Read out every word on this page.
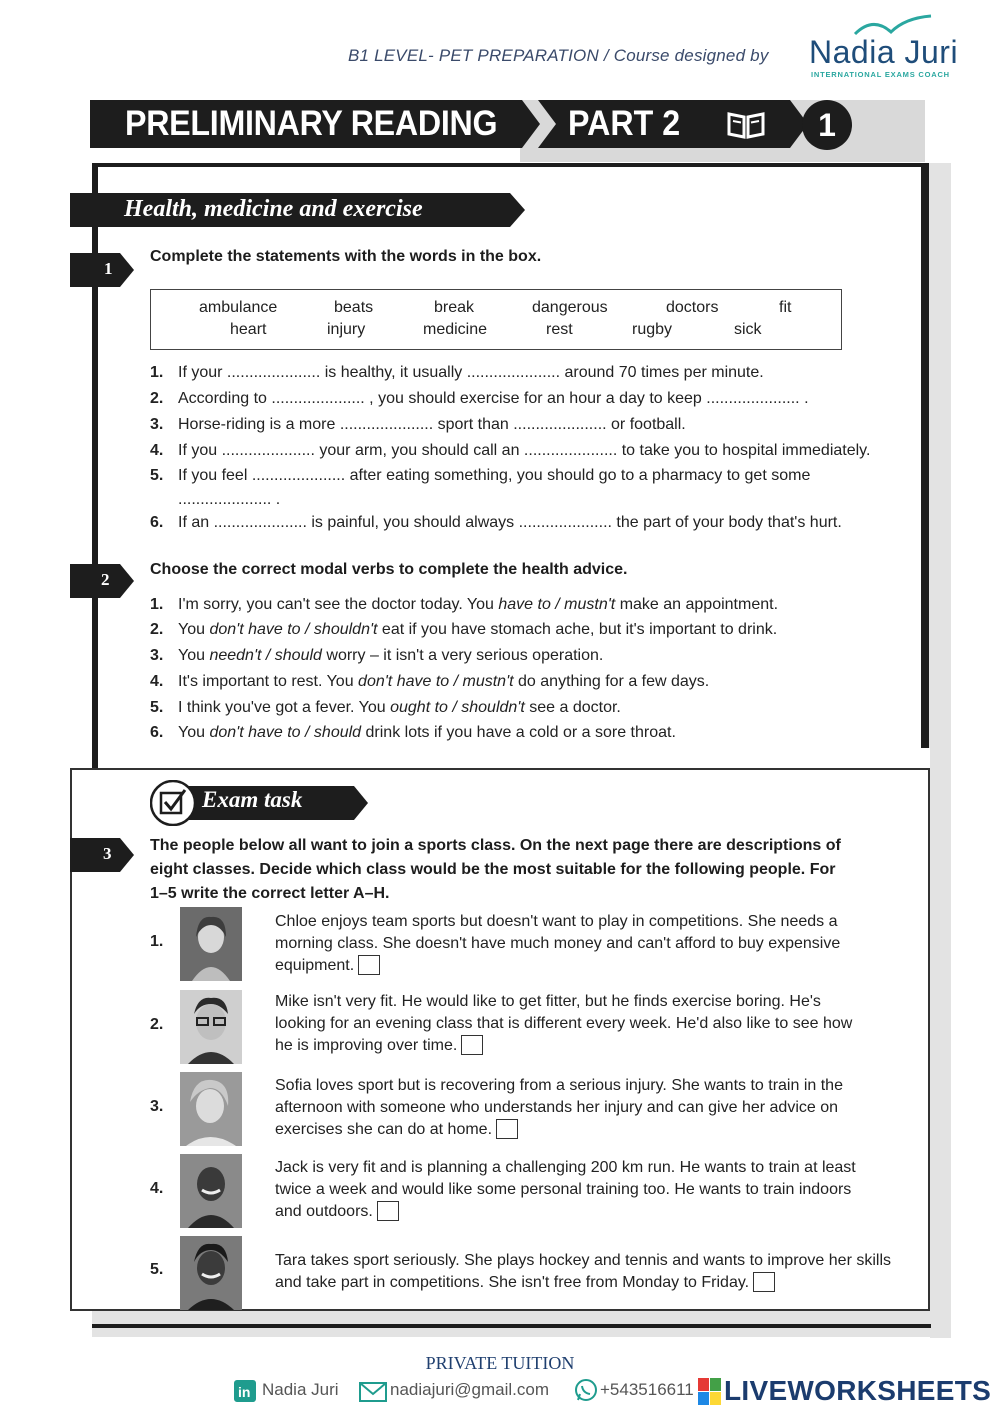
B1 LEVEL- PET PREPARATION / Course designed by Nadia Juri
INTERNATIONAL EXAMS COACH
PRELIMINARY READING PART 2	1
Health, medicine and exercise
1
Complete the statements with the words in the box.
ambulance	beats	break	dangerous	doctors	fit
heart	injury	medicine	rest	rugby	sick
1. If your ..................... is healthy, it usually ..................... around 70 times per minute.
2. According to ..................... , you should exercise for an hour a day to keep ..................... .
3. Horse-riding is a more ..................... sport than ..................... or football.
4. If you ..................... your arm, you should call an ..................... to take you to hospital immediately.
5. If you feel ..................... after eating something, you should go to a pharmacy to get some
..................... .
6. If an ..................... is painful, you should always ..................... the part of your body that's hurt.
2
Choose the correct modal verbs to complete the health advice.
1. I'm sorry, you can't see the doctor today. You have to / mustn't make an appointment.
2. You don't have to / shouldn't eat if you have stomach ache, but it's important to drink.
3. You needn't / should worry – it isn't a very serious operation.
4. It's important to rest. You don't have to / mustn't do anything for a few days.
5. I think you've got a fever. You ought to / shouldn't see a doctor.
6. You don't have to / should drink lots if you have a cold or a sore throat.
Exam task
3 The people below all want to join a sports class. On the next page there are descriptions of
eight classes. Decide which class would be the most suitable for the following people. For
1–5 write the correct letter A–H.
1.
Chloe enjoys team sports but doesn't want to play in competitions. She needs a
morning class. She doesn't have much money and can't afford to buy expensive
equipment.
2.
Mike isn't very fit. He would like to get fitter, but he finds exercise boring. He's
looking for an evening class that is different every week. He'd also like to see how
he is improving over time.
3.
Sofia loves sport but is recovering from a serious injury. She wants to train in the
afternoon with someone who understands her injury and can give her advice on
exercises she can do at home.
4.
Jack is very fit and is planning a challenging 200 km run. He wants to train at least
twice a week and would like some personal training too. He wants to train indoors
and outdoors.
5.
Tara takes sport seriously. She plays hockey and tennis and wants to improve her skills
and take part in competitions. She isn't free from Monday to Friday.
PRIVATE TUITION
in Nadia Juri	nadiajuri@gmail.com	+543516611 LIVEWORKSHEETS
